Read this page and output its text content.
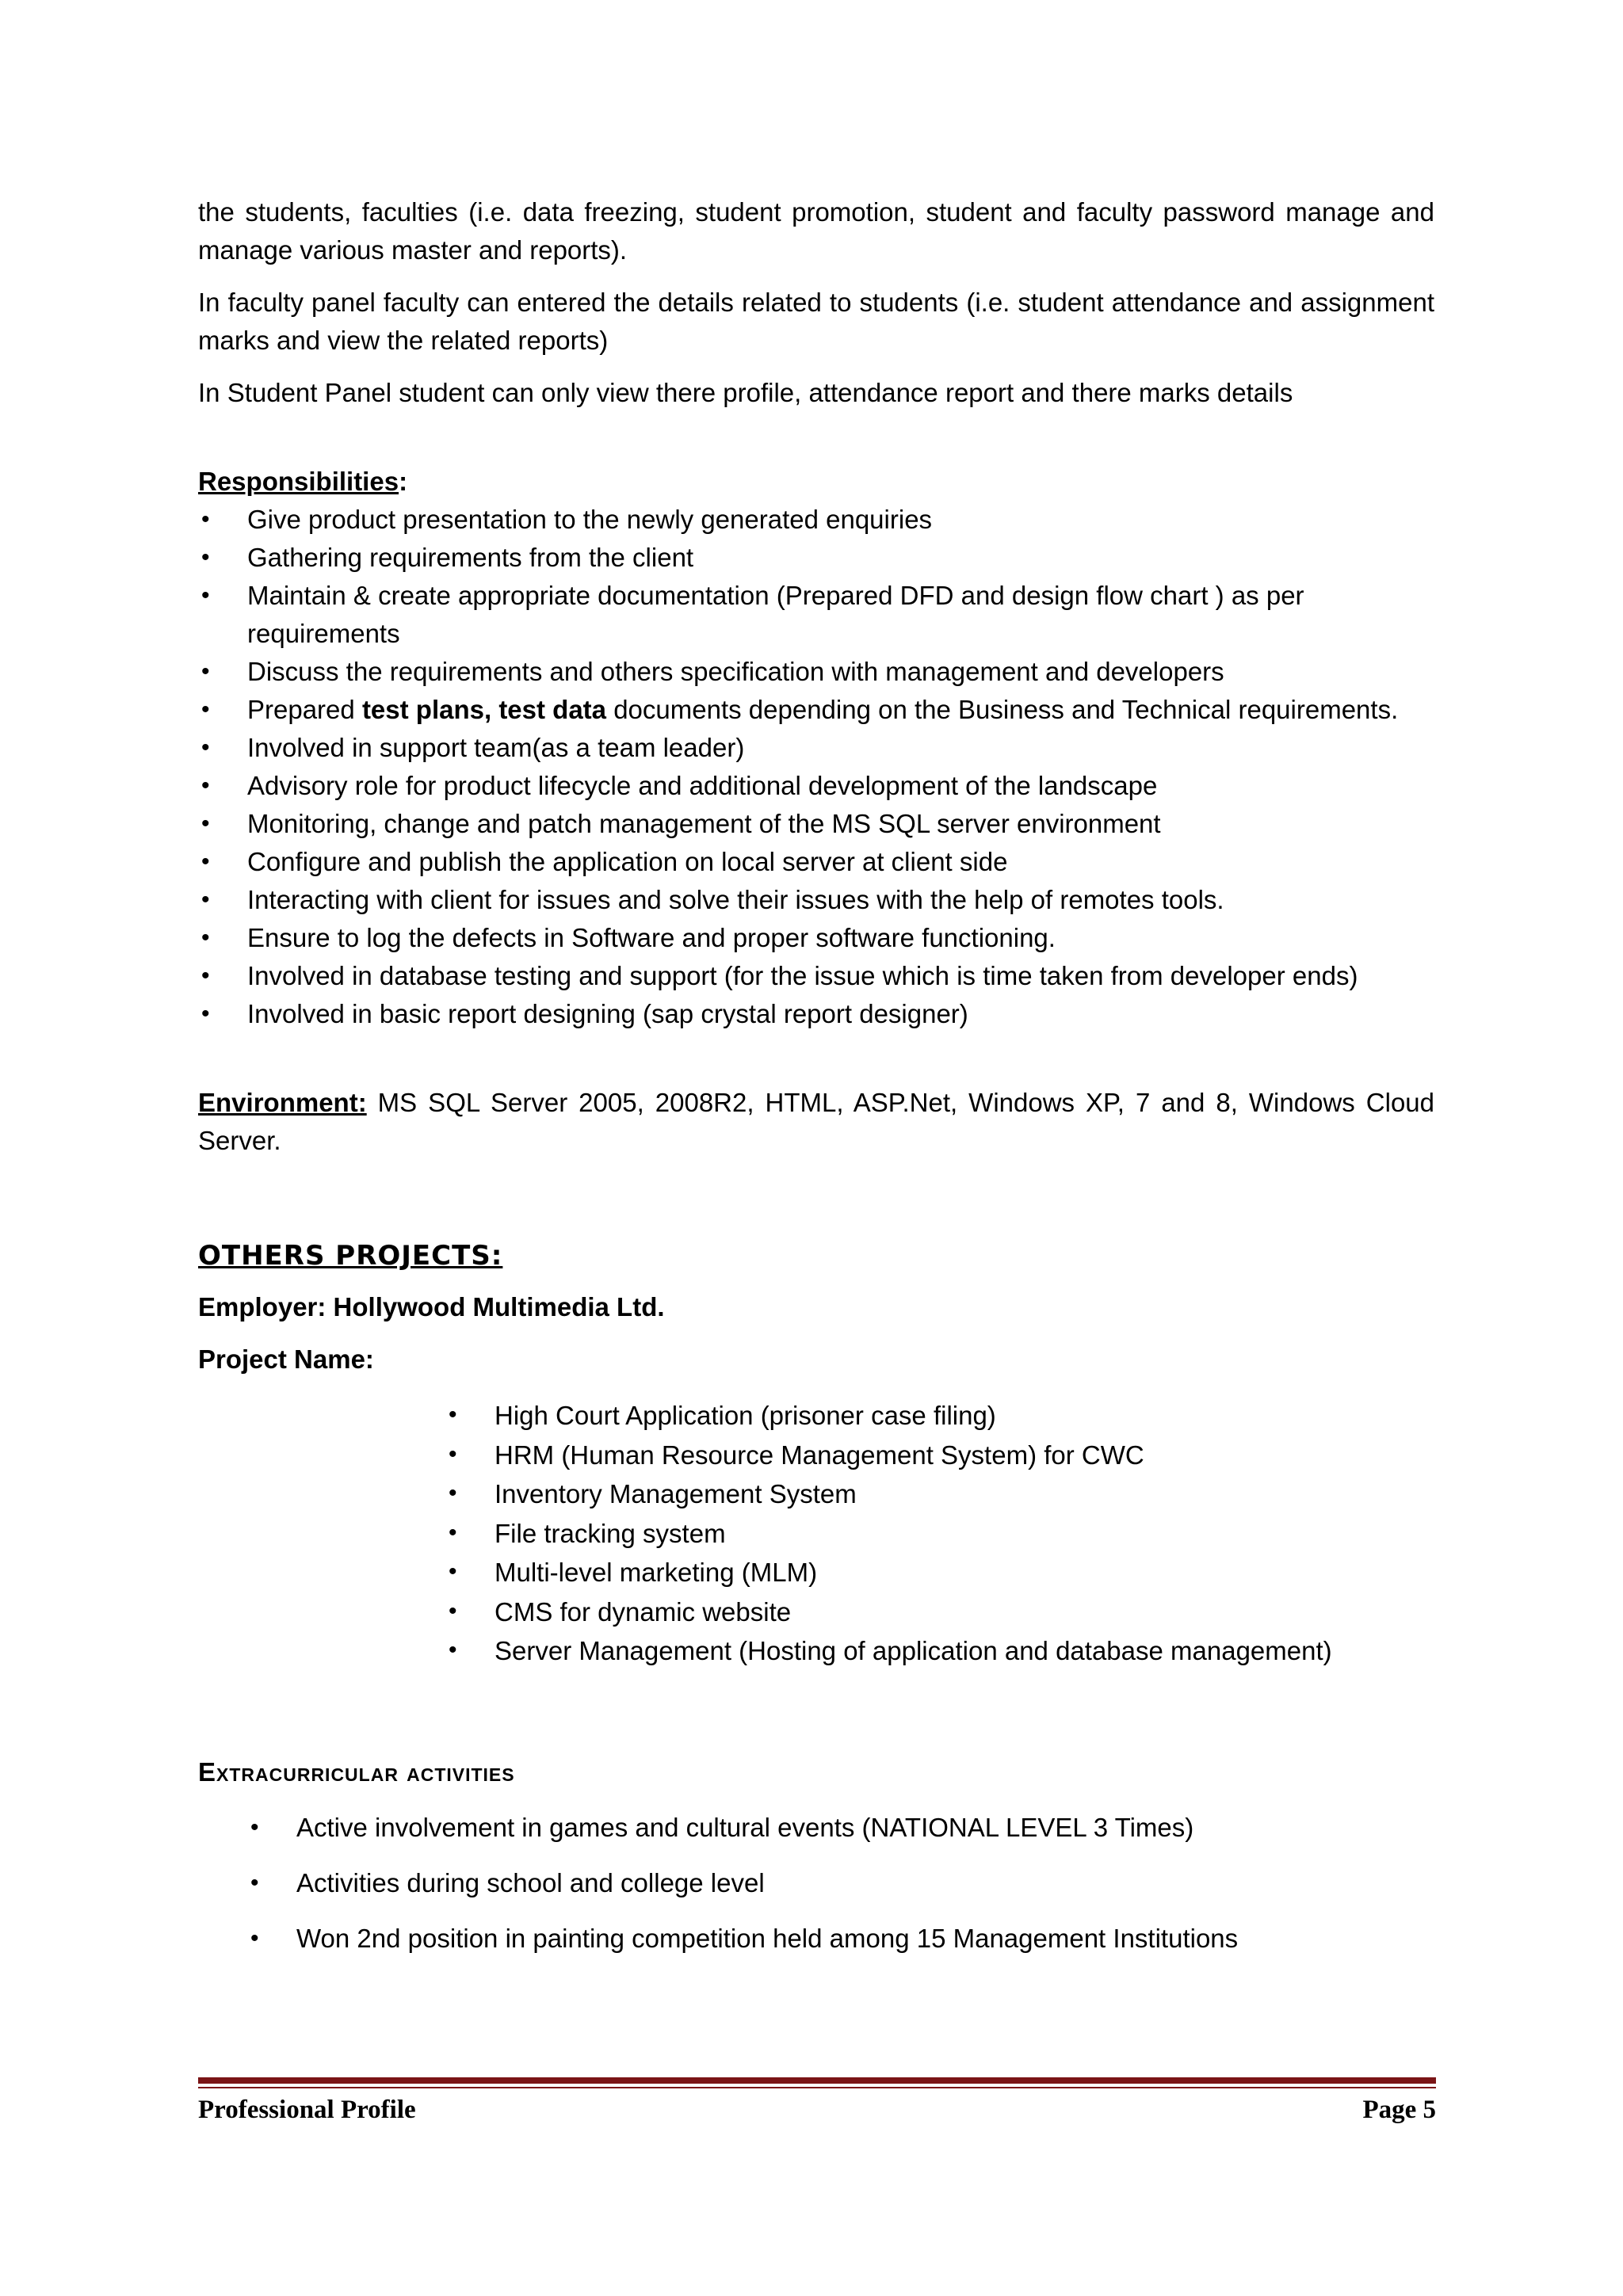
the students, faculties (i.e. data freezing, student promotion, student and faculty password manage and manage various master and reports).

In faculty panel faculty can entered the details related to students (i.e. student attendance and assignment marks and view the related reports)

In Student Panel student can only view there profile, attendance report and there marks details

Responsibilities:
• Give product presentation to the newly generated enquiries
• Gathering requirements from the client
• Maintain & create appropriate documentation (Prepared DFD and design flow chart ) as per requirements
• Discuss the requirements and others specification with management and developers
• Prepared test plans, test data documents depending on the Business and Technical requirements.
• Involved in support team(as a team leader)
• Advisory role for product lifecycle and additional development of the landscape
• Monitoring, change and patch management of the MS SQL server environment
• Configure and publish the application on local server at client side
• Interacting with client for issues and solve their issues with the help of remotes tools.
• Ensure to log the defects in Software and proper software functioning.
• Involved in database testing and support (for the issue which is time taken from developer ends)
• Involved in basic report designing (sap crystal report designer)

Environment: MS SQL Server 2005, 2008R2, HTML, ASP.Net, Windows XP, 7 and 8, Windows Cloud Server.

OTHERS PROJECTS:

Employer: Hollywood Multimedia Ltd.

Project Name:

• High Court Application (prisoner case filing)
• HRM (Human Resource Management System) for CWC
• Inventory Management System
• File tracking system
• Multi-level marketing (MLM)
• CMS for dynamic website
• Server Management (Hosting of application and database management)
Extracurricular activities
• Active involvement in games and cultural events (NATIONAL LEVEL 3 Times)
• Activities during school and college level
• Won 2nd position in painting competition held among 15 Management Institutions
Professional Profile	Page 5
